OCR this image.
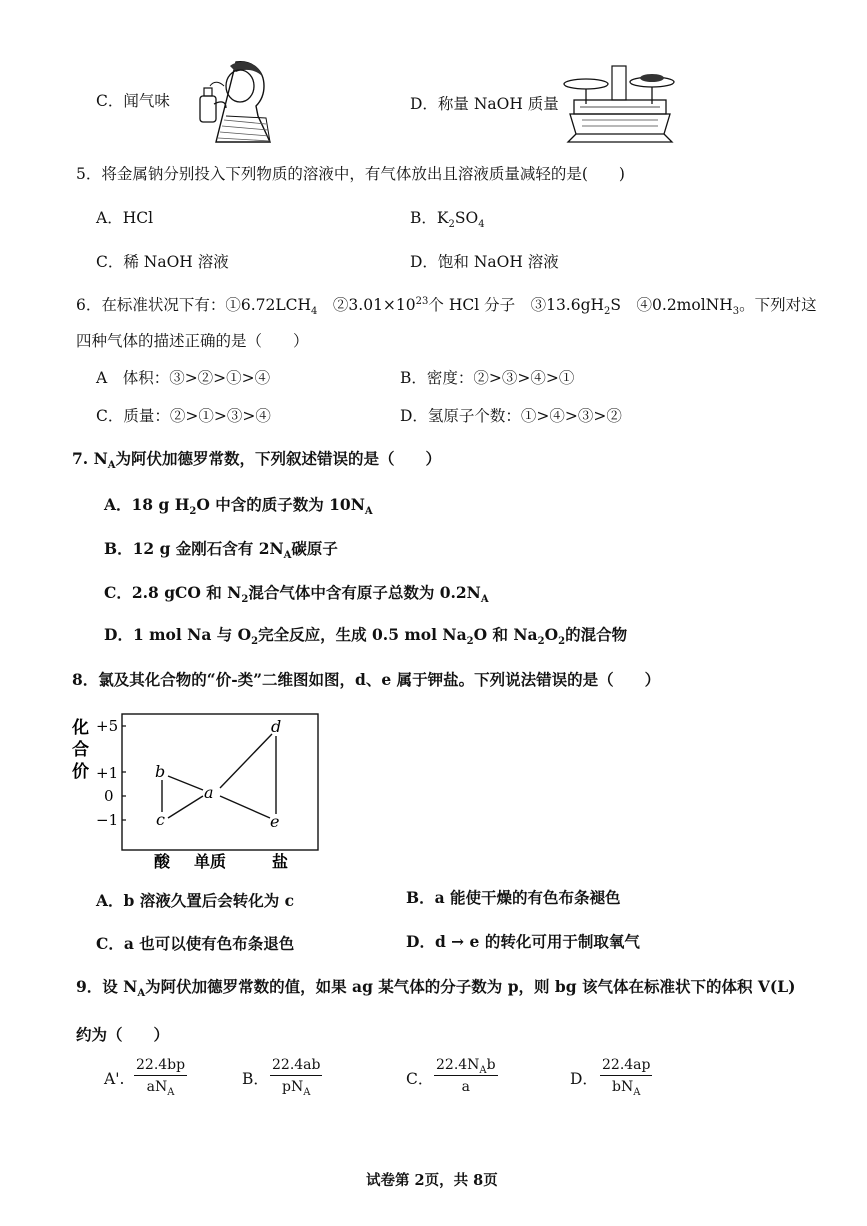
C．闻气味	D．称量 NaOH 质量
5．将金属钠分别投入下列物质的溶液中，有气体放出且溶液质量减轻的是(　　)
A．HCl	B．$K_2SO_4$
C．稀 NaOH 溶液	D．饱和 NaOH 溶液
6．在标准状况下有：$①6.72LCH_4$　$②3.01\times 10^{23}$个 HCl 分子　$③13.6gH_2S$　④0.2molNH$_3$。下列对这
四种气体的描述正确的是（　　）
A　体积：③>②>①>④	B．密度：②>③>④>①
C．质量：②>①>③>④	D．氢原子个数：①>④>③>②
7. $N_A$为阿伏加德罗常数，下列叙述错误的是（　　）
A．18 g $H_2O$ 中含的质子数为 $10N_A$
B．12 g 金刚石含有 $2N_A$碳原子
C．2.8 gCO 和 $N_2$混合气体中含有原子总数为 $0.2N_A$
D．1 mol Na 与 $O_2$完全反应，生成 0.5 mol $Na_2O$ 和 $Na_2O_2$的混合物
8．氯及其化合物的“价-类”二维图如图，d、e 属于钾盐。下列说法错误的是（　　）
化
合
价
+5
+1
0
−1
b
a
d
c	e
酸 单质	盐
A．b 溶液久置后会转化为 c	B．a 能使干燥的有色布条褪色
C．a 也可以使有色布条退色	D．d → e 的转化可用于制取氧气
9．设 $N_A$为阿伏加德罗常数的值，如果 ag 某气体的分子数为 p，则 bg 该气体在标准状下的体积 V(L)
约为（　　）
A'.
22.4bp
$aN_A$
B．
22.4ab
$pN_A$
C．
$22.4N_Ab$
a	D．
22.4ap
$bN_A$
试卷第 2页，共 8页
